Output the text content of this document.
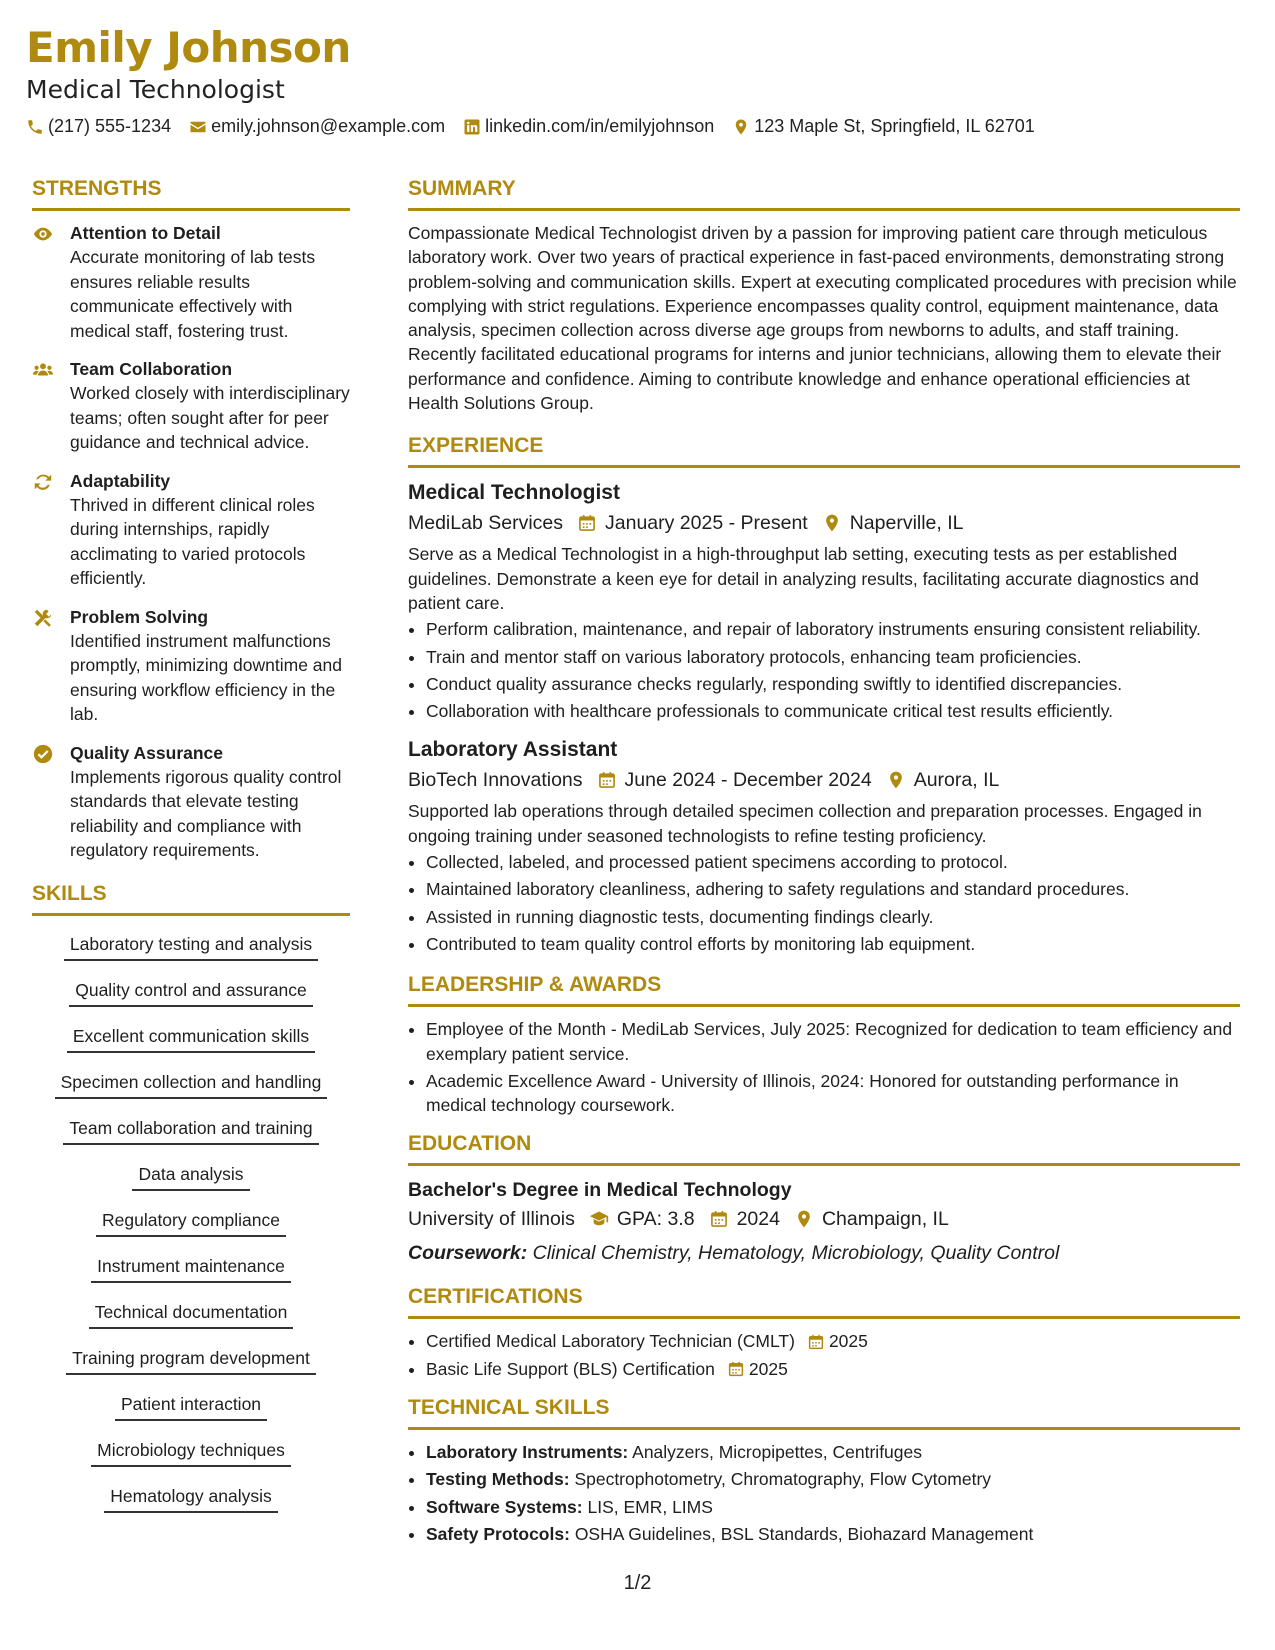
Emily Johnson
Medical Technologist
(217) 555-1234 emily.johnson@example.com linkedin.com/in/emilyjohnson 123 Maple St, Springfield, IL 62701
STRENGTHS
Attention to Detail
Accurate monitoring of lab tests ensures reliable results communicate effectively with medical staff, fostering trust.
Team Collaboration
Worked closely with interdisciplinary teams; often sought after for peer guidance and technical advice.
Adaptability
Thrived in different clinical roles during internships, rapidly acclimating to varied protocols efficiently.
Problem Solving
Identified instrument malfunctions promptly, minimizing downtime and ensuring workflow efficiency in the lab.
Quality Assurance
Implements rigorous quality control standards that elevate testing reliability and compliance with regulatory requirements.
SKILLS
Laboratory testing and analysis
Quality control and assurance
Excellent communication skills
Specimen collection and handling
Team collaboration and training
Data analysis
Regulatory compliance
Instrument maintenance
Technical documentation
Training program development
Patient interaction
Microbiology techniques
Hematology analysis
SUMMARY
Compassionate Medical Technologist driven by a passion for improving patient care through meticulous laboratory work. Over two years of practical experience in fast-paced environments, demonstrating strong problem-solving and communication skills. Expert at executing complicated procedures with precision while complying with strict regulations. Experience encompasses quality control, equipment maintenance, data analysis, specimen collection across diverse age groups from newborns to adults, and staff training. Recently facilitated educational programs for interns and junior technicians, allowing them to elevate their performance and confidence. Aiming to contribute knowledge and enhance operational efficiencies at Health Solutions Group.
EXPERIENCE
Medical Technologist
MediLab Services January 2025 - Present Naperville, IL
Serve as a Medical Technologist in a high-throughput lab setting, executing tests as per established guidelines. Demonstrate a keen eye for detail in analyzing results, facilitating accurate diagnostics and patient care.
• Perform calibration, maintenance, and repair of laboratory instruments ensuring consistent reliability.
• Train and mentor staff on various laboratory protocols, enhancing team proficiencies.
• Conduct quality assurance checks regularly, responding swiftly to identified discrepancies.
• Collaboration with healthcare professionals to communicate critical test results efficiently.
Laboratory Assistant
BioTech Innovations June 2024 - December 2024 Aurora, IL
Supported lab operations through detailed specimen collection and preparation processes. Engaged in ongoing training under seasoned technologists to refine testing proficiency.
• Collected, labeled, and processed patient specimens according to protocol.
• Maintained laboratory cleanliness, adhering to safety regulations and standard procedures.
• Assisted in running diagnostic tests, documenting findings clearly.
• Contributed to team quality control efforts by monitoring lab equipment.
LEADERSHIP & AWARDS
• Employee of the Month - MediLab Services, July 2025: Recognized for dedication to team efficiency and exemplary patient service.
• Academic Excellence Award - University of Illinois, 2024: Honored for outstanding performance in medical technology coursework.
EDUCATION
Bachelor's Degree in Medical Technology
University of Illinois GPA: 3.8 2024 Champaign, IL
Coursework: Clinical Chemistry, Hematology, Microbiology, Quality Control
CERTIFICATIONS
• Certified Medical Laboratory Technician (CMLT) 2025
• Basic Life Support (BLS) Certification 2025
TECHNICAL SKILLS
• Laboratory Instruments: Analyzers, Micropipettes, Centrifuges
• Testing Methods: Spectrophotometry, Chromatography, Flow Cytometry
• Software Systems: LIS, EMR, LIMS
• Safety Protocols: OSHA Guidelines, BSL Standards, Biohazard Management
1/2
